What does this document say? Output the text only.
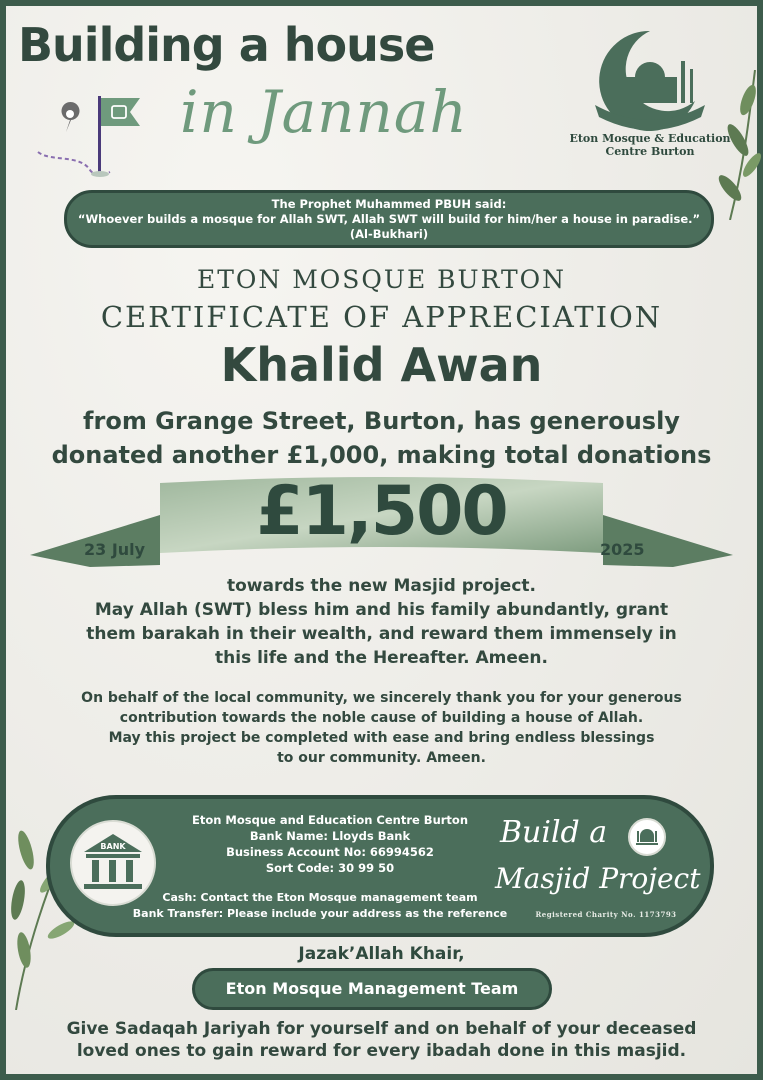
Building a house
in Jannah	Eton Mosque & Education
Centre Burton
The Prophet Muhammed PBUH said:
“Whoever builds a mosque for Allah SWT, Allah SWT will build for him/her a house in paradise.”
(Al-Bukhari)
ETON MOSQUE BURTON
CERTIFICATE OF APPRECIATION
Khalid Awan
from Grange Street, Burton, has generously
donated another £1,000, making total donations
£1,500
23 July	2025
towards the new Masjid project.
May Allah (SWT) bless him and his family abundantly, grant
them barakah in their wealth, and reward them immensely in
this life and the Hereafter. Ameen.
On behalf of the local community, we sincerely thank you for your generous
contribution towards the noble cause of building a house of Allah.
May this project be completed with ease and bring endless blessings
to our community. Ameen.
BANK
Eton Mosque and Education Centre Burton
Bank Name: Lloyds Bank
Business Account No: 66994562
Sort Code: 30 99 50
Cash: Contact the Eton Mosque management team
Bank Transfer: Please include your address as the reference
Build a
Masjid Project
Registered Charity No. 1173793
Jazak’Allah Khair,
Eton Mosque Management Team
Give Sadaqah Jariyah for yourself and on behalf of your deceased
loved ones to gain reward for every ibadah done in this masjid.
